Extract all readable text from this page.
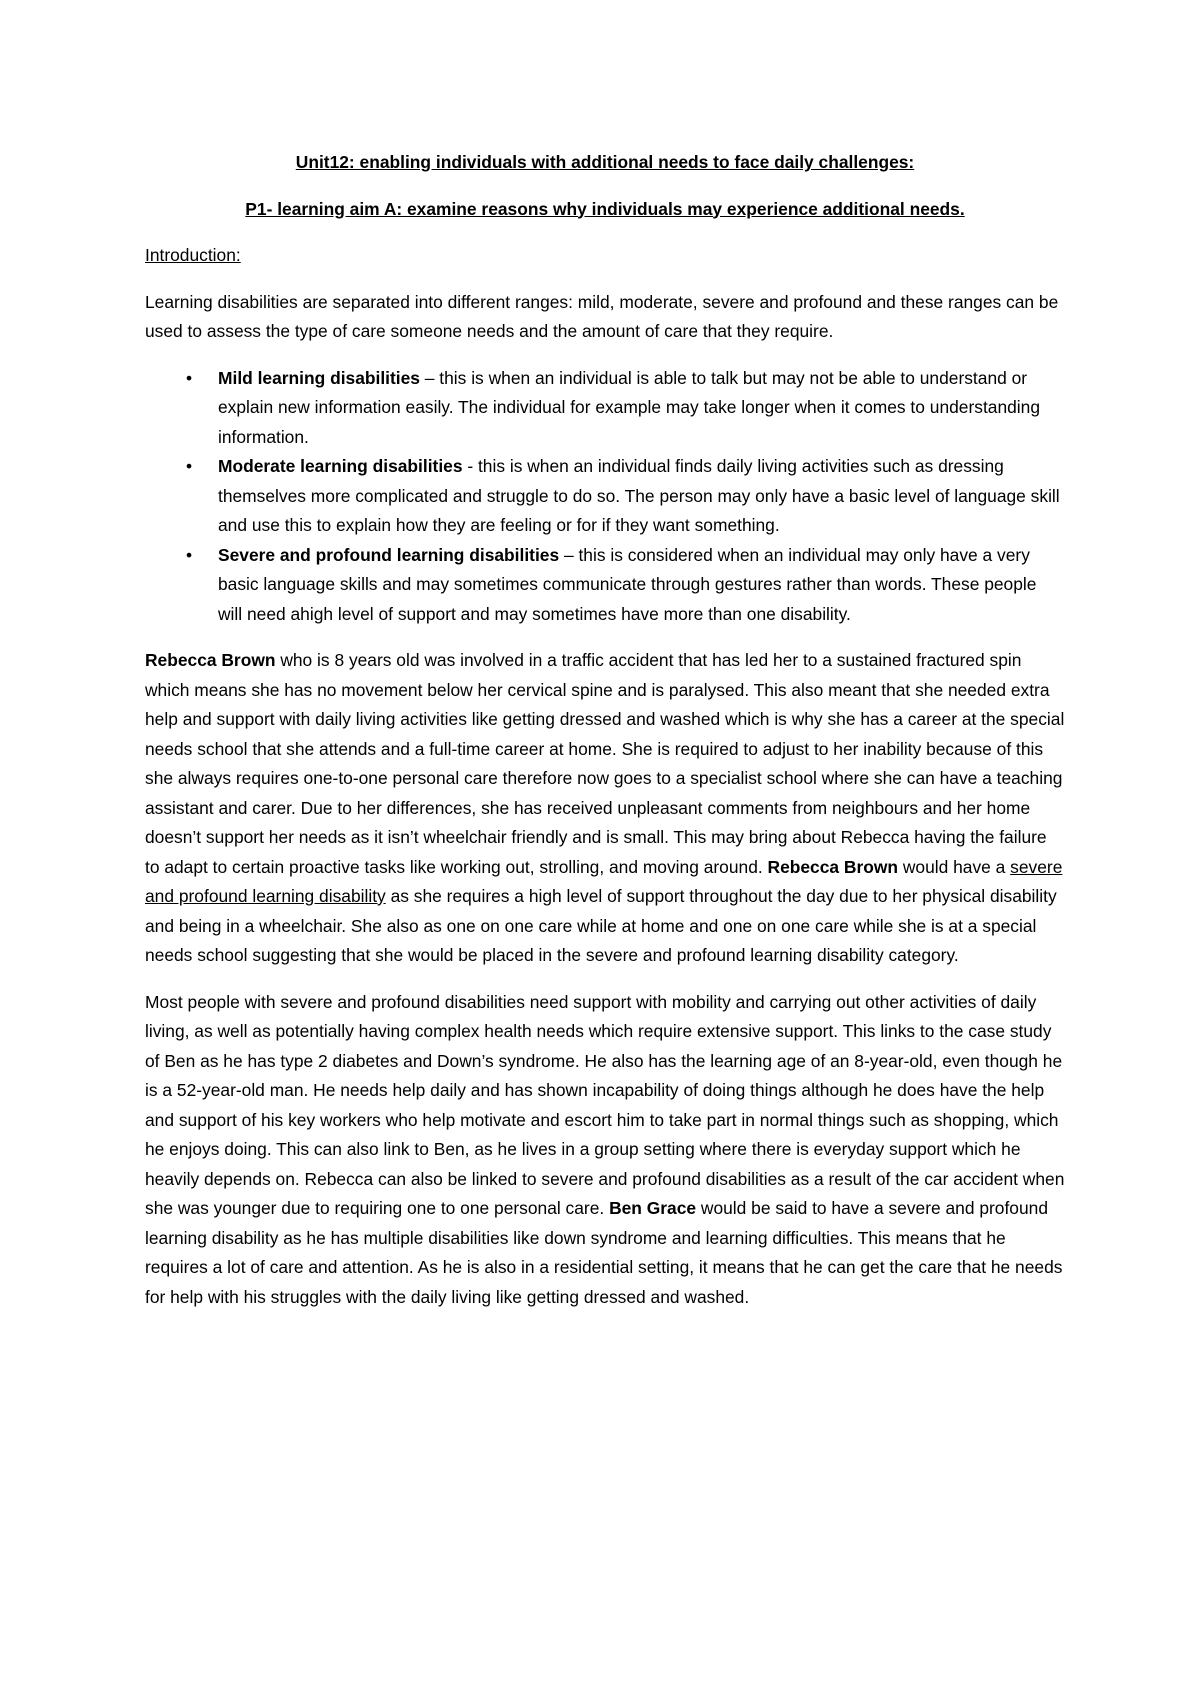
Unit12: enabling individuals with additional needs to face daily challenges:
P1- learning aim A: examine reasons why individuals may experience additional needs.
Introduction:

Learning disabilities are separated into different ranges: mild, moderate, severe and profound and these ranges can be used to assess the type of care someone needs and the amount of care that they require.

• Mild learning disabilities – this is when an individual is able to talk but may not be able to understand or explain new information easily. The individual for example may take longer when it comes to understanding information.
• Moderate learning disabilities - this is when an individual finds daily living activities such as dressing themselves more complicated and struggle to do so. The person may only have a basic level of language skill and use this to explain how they are feeling or for if they want something.
• Severe and profound learning disabilities – this is considered when an individual may only have a very basic language skills and may sometimes communicate through gestures rather than words. These people will need ahigh level of support and may sometimes have more than one disability.

Rebecca Brown who is 8 years old was involved in a traffic accident that has led her to a sustained fractured spin which means she has no movement below her cervical spine and is paralysed. This also meant that she needed extra help and support with daily living activities like getting dressed and washed which is why she has a career at the special needs school that she attends and a full-time career at home. She is required to adjust to her inability because of this she always requires one-to-one personal care therefore now goes to a specialist school where she can have a teaching assistant and carer. Due to her differences, she has received unpleasant comments from neighbours and her home doesn’t support her needs as it isn’t wheelchair friendly and is small. This may bring about Rebecca having the failure to adapt to certain proactive tasks like working out, strolling, and moving around. Rebecca Brown would have a severe and profound learning disability as she requires a high level of support throughout the day due to her physical disability and being in a wheelchair. She also as one on one care while at home and one on one care while she is at a special needs school suggesting that she would be placed in the severe and profound learning disability category.

Most people with severe and profound disabilities need support with mobility and carrying out other activities of daily living, as well as potentially having complex health needs which require extensive support. This links to the case study of Ben as he has type 2 diabetes and Down’s syndrome. He also has the learning age of an 8-year-old, even though he is a 52-year-old man. He needs help daily and has shown incapability of doing things although he does have the help and support of his key workers who help motivate and escort him to take part in normal things such as shopping, which he enjoys doing. This can also link to Ben, as he lives in a group setting where there is everyday support which he heavily depends on. Rebecca can also be linked to severe and profound disabilities as a result of the car accident when she was younger due to requiring one to one personal care. Ben Grace would be said to have a severe and profound learning disability as he has multiple disabilities like down syndrome and learning difficulties. This means that he requires a lot of care and attention. As he is also in a residential setting, it means that he can get the care that he needs for help with his struggles with the daily living like getting dressed and washed.
